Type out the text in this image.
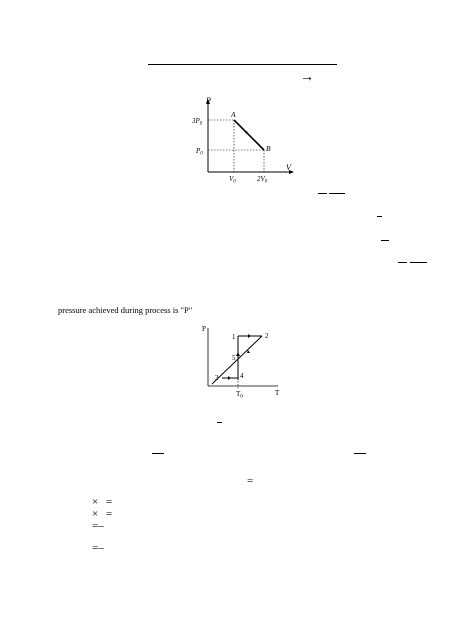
→
P
V
$3P_0$
$P_0$
$V_0$	$2V_0$
A
B
pressure achieved during process is "P"
P
T
$T_0$
1	2
3	4
5
=
× =
× =
=–
=–
